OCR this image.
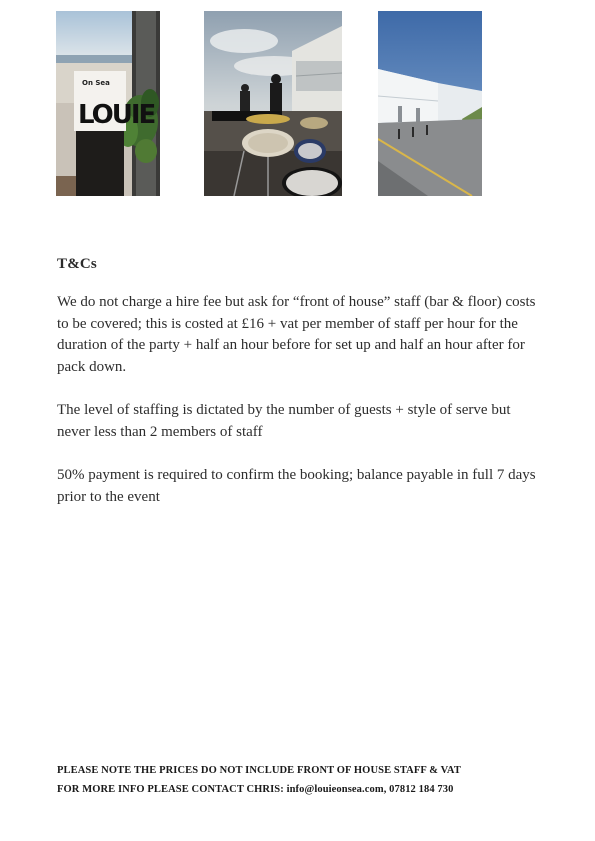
On Sea
LOUIE
T&Cs

We do not charge a hire fee but ask for “front of house” staff (bar & floor) costs to be covered; this is costed at £16 + vat per member of staff per hour for the duration of the party + half an hour before for set up and half an hour after for pack down.

The level of staffing is dictated by the number of guests + style of serve but never less than 2 members of staff

50% payment is required to confirm the booking; balance payable in full 7 days prior to the event

PLEASE NOTE THE PRICES DO NOT INCLUDE FRONT OF HOUSE STAFF & VAT
FOR MORE INFO PLEASE CONTACT CHRIS: info@louieonsea.com, 07812 184 730
